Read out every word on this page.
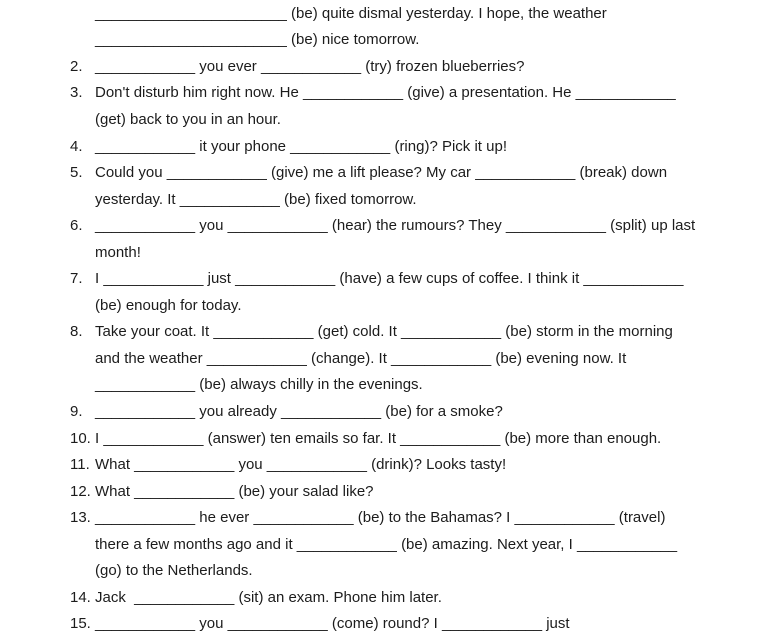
_______________________ (be) quite dismal yesterday. I hope, the weather
_______________________ (be) nice tomorrow.
2. ____________ you ever ____________ (try) frozen blueberries?
3. Don't disturb him right now. He ____________ (give) a presentation. He ____________
(get) back to you in an hour.
4. ____________ it your phone ____________ (ring)? Pick it up!
5. Could you ____________ (give) me a lift please? My car ____________ (break) down
yesterday. It ____________ (be) fixed tomorrow.
6. ____________ you ____________ (hear) the rumours? They ____________ (split) up last
month!
7. I ____________ just ____________ (have) a few cups of coffee. I think it ____________
(be) enough for today.
8. Take your coat. It ____________ (get) cold. It ____________ (be) storm in the morning
and the weather ____________ (change). It ____________ (be) evening now. It
____________ (be) always chilly in the evenings.
9. ____________ you already ____________ (be) for a smoke?
10. I ____________ (answer) ten emails so far. It ____________ (be) more than enough.
11. What ____________ you ____________ (drink)? Looks tasty!
12. What ____________ (be) your salad like?
13. ____________ he ever ____________ (be) to the Bahamas? I ____________ (travel)
there a few months ago and it ____________ (be) amazing. Next year, I ____________
(go) to the Netherlands.
14. Jack  ____________ (sit) an exam. Phone him later.
15. ____________ you ____________ (come) round? I ____________ just
